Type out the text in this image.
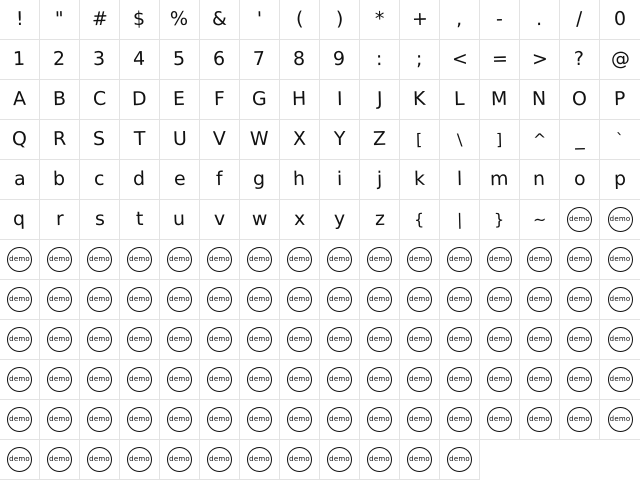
! " # $ % & ' ( ) * + , - . / 0
1 2 3 4 5 6 7 8 9 : ; < = > ? @
A B C D E F G H I J K L M N O P
Q R S T U V W X Y Z [ \ ] ^ _ `
a b c d e f g h i j k l m n o p
q r s t u v w x y z { | } ~	demo	demo
demo	demo	demo	demo	demo	demo	demo	demo	demo	demo	demo	demo	demo	demo	demo	demo
demo	demo	demo	demo	demo	demo	demo	demo	demo	demo	demo	demo	demo	demo	demo	demo
demo	demo	demo	demo	demo	demo	demo	demo	demo	demo	demo	demo	demo	demo	demo	demo
demo	demo	demo	demo	demo	demo	demo	demo	demo	demo	demo	demo	demo	demo	demo	demo
demo	demo	demo	demo	demo	demo	demo	demo	demo	demo	demo	demo	demo	demo	demo	demo
demo	demo	demo	demo	demo	demo	demo	demo	demo	demo	demo	demo
